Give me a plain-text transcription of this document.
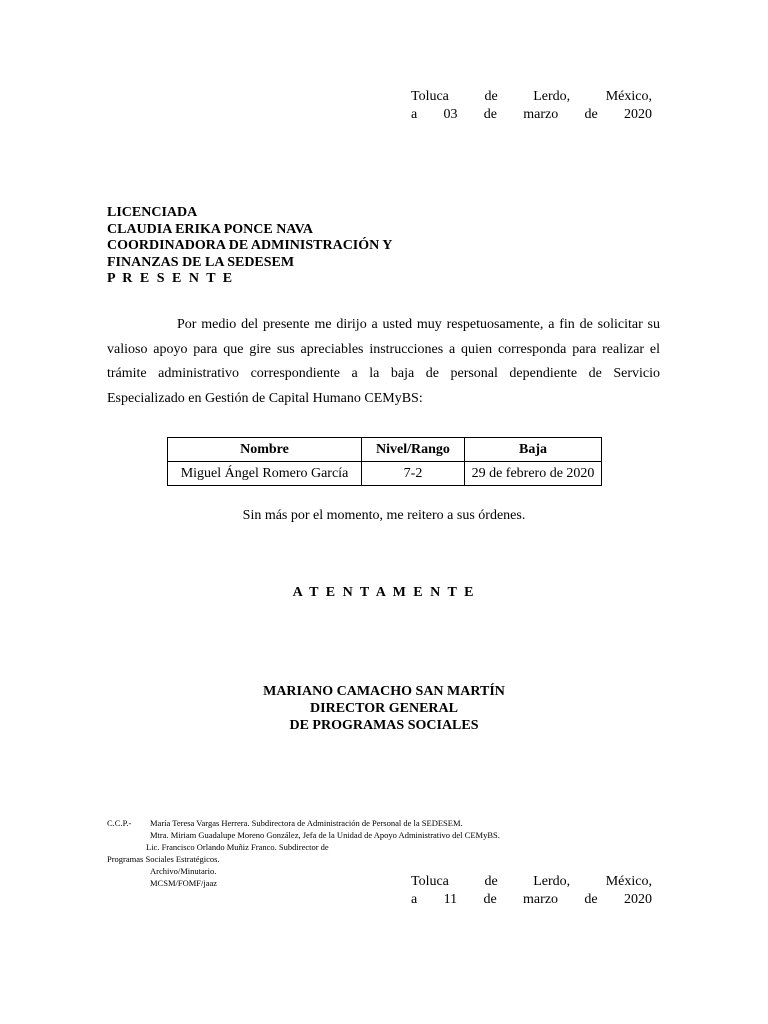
Toluca	de	Lerdo,	México,
a 03 de marzo de 2020
LICENCIADA
CLAUDIA ERIKA PONCE NAVA
COORDINADORA DE ADMINISTRACIÓN Y
FINANZAS DE LA SEDESEM
P R E S E N T E
Por medio del presente me dirijo a usted muy respetuosamente, a fin de solicitar su valioso apoyo para que gire sus apreciables instrucciones a quien corresponda para realizar el trámite administrativo correspondiente a la baja de personal dependiente de Servicio Especializado en Gestión de Capital Humano CEMyBS:
Nombre	Nivel/Rango	Baja
Miguel Ángel Romero García	7-2	29 de febrero de 2020
Sin más por el momento, me reitero a sus órdenes.
A T E N T A M E N T E
MARIANO CAMACHO SAN MARTÍN
DIRECTOR GENERAL
DE PROGRAMAS SOCIALES
C.C.P.- María Teresa Vargas Herrera. Subdirectora de Administración de Personal de la SEDESEM.
Mtra. Miriam Guadalupe Moreno González, Jefa de la Unidad de Apoyo Administrativo del CEMyBS.
Lic. Francisco Orlando Muñiz Franco. Subdirector de
Programas Sociales Estratégicos.
Archivo/Minutario.
MCSM/FOMF/jaaz	Toluca	de	Lerdo,	México,
a 11 de marzo de 2020
